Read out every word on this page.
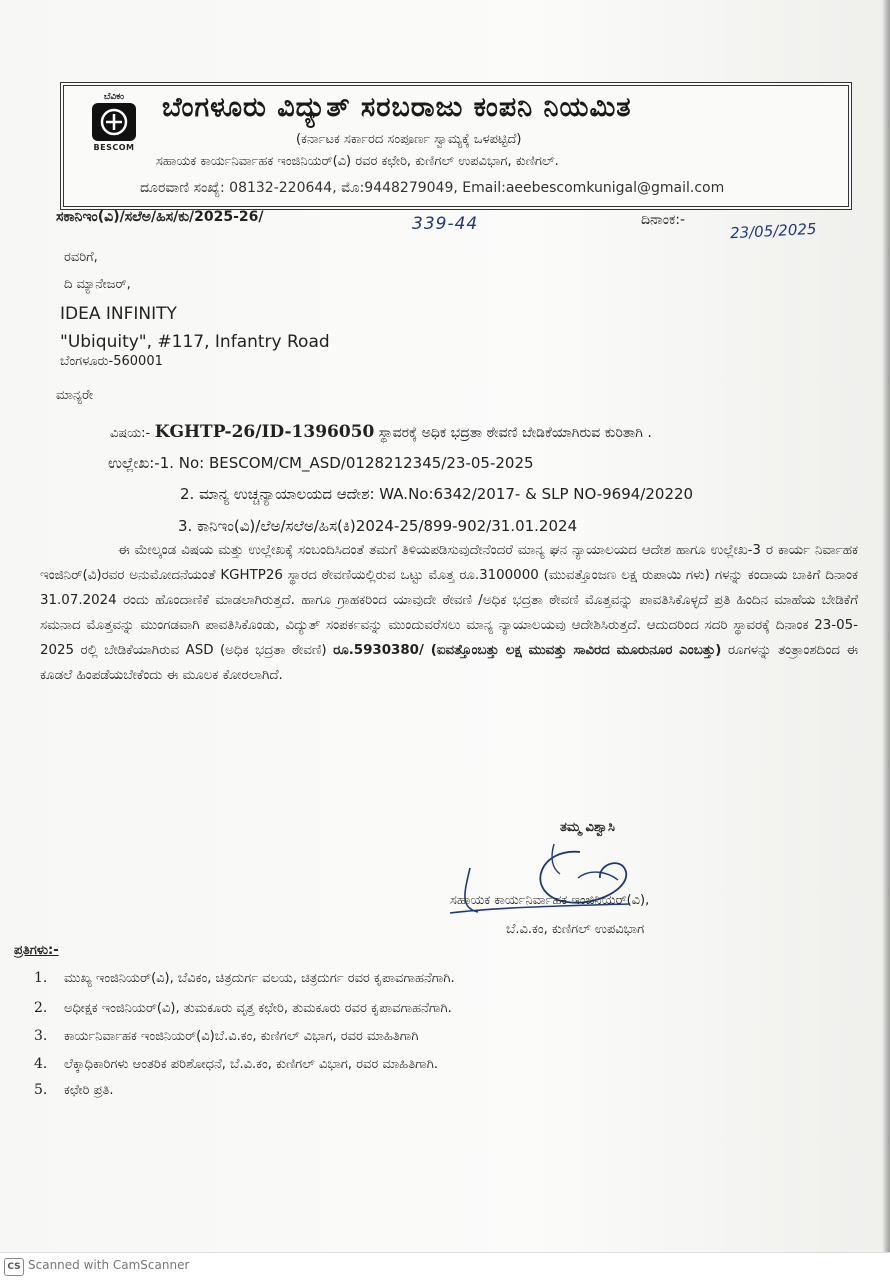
ಬೆವಿಕಂ
BESCOM
ಬೆಂಗಳೂರು ವಿದ್ಯುತ್ ಸರಬರಾಜು ಕಂಪನಿ ನಿಯಮಿತ
(ಕರ್ನಾಟಕ ಸರ್ಕಾರದ ಸಂಪೂರ್ಣ ಸ್ವಾಮ್ಯಕ್ಕೆ ಒಳಪಟ್ಟಿದೆ)
ಸಹಾಯಕ ಕಾರ್ಯನಿರ್ವಾಹಕ ಇಂಜಿನಿಯರ್(ವಿ) ರವರ ಕಛೇರಿ, ಕುಣಿಗಲ್ ಉಪವಿಭಾಗ, ಕುಣಿಗಲ್.
ದೂರವಾಣಿ ಸಂಖ್ಯೆ: 08132-220644, ಮೊ:9448279049, Email:aeebescomkunigal@gmail.com
ಸಕಾನಿಇಂ(ವಿ)/ಸಲೆಅ/ಹಿಸ/ಕು/2025-26/	339-44	ದಿನಾಂಕ:-	23/05/2025
ರವರಿಗೆ,
ದಿ ಮ್ಯಾನೇಜರ್,
IDEA INFINITY
"Ubiquity", #117, Infantry Road
ಬೆಂಗಳೂರು-560001
ಮಾನ್ಯರೇ
ವಿಷಯ:- KGHTP-26/ID-1396050 ಸ್ಥಾವರಕ್ಕೆ ಅಧಿಕ ಭದ್ರತಾ ಠೇವಣಿ ಬೇಡಿಕೆಯಾಗಿರುವ ಕುರಿತಾಗಿ .
ಉಲ್ಲೇಖ:-1. No: BESCOM/CM_ASD/0128212345/23-05-2025
2. ಮಾನ್ಯ ಉಚ್ಚನ್ಯಾಯಾಲಯದ ಆದೇಶ: WA.No:6342/2017- & SLP NO-9694/20220
3. ಕಾನಿಇಂ(ವಿ)/ಲೆಅ/ಸಲೆಅ/ಹಿಸ(ಕಿ)2024-25/899-902/31.01.2024

ಈ ಮೇಲ್ಕಂಡ ವಿಷಯ ಮತ್ತು ಉಲ್ಲೇಖಕ್ಕೆ ಸಂಬಂದಿಸಿದಂತೆ ತಮಗೆ ತಿಳಿಯಪಡಿಸುವುದೇನೆಂದರೆ ಮಾನ್ಯ ಘನ ನ್ಯಾಯಾಲಯದ ಆದೇಶ ಹಾಗೂ ಉಲ್ಲೇಖ-3 ರ ಕಾರ್ಯ ನಿರ್ವಾಹಕ ಇಂಜಿನಿರ್(ವಿ)ರವರ ಅನುಮೋದನೆಯಂತೆ KGHTP26 ಸ್ಥಾರದ ಠೇವಣಿಯಲ್ಲಿರುವ ಒಟ್ಟು ಮೊತ್ತ ರೂ.3100000 (ಮುವತ್ತೊಂಜಣ ಲಕ್ಷ ರುಪಾಯಿ ಗಳು) ಗಳನ್ನು ಕಂದಾಯ ಬಾಕಿಗೆ ದಿನಾಂಕ 31.07.2024 ರಂದು ಹೊಂದಾಣಿಕೆ ಮಾಡಲಾಗಿರುತ್ತದೆ. ಹಾಗೂ ಗ್ರಾಹಕರಿಂದ ಯಾವುದೇ ಠೇವಣಿ /ಅಧಿಕ ಭದ್ರತಾ ಠೇವಣಿ ಮೊತ್ತವನ್ನು ಪಾವತಿಸಿಕೊಳ್ಳದೆ ಪ್ರತಿ ಹಿಂದಿನ ಮಾಹೆಯ ಬೇಡಿಕೆಗೆ ಸಮನಾದ ಮೊತ್ತವನ್ನು ಮುಂಗಡವಾಗಿ ಪಾವತಿಸಿಕೊಂಡು, ವಿದ್ಯುತ್ ಸಂಪರ್ಕವನ್ನು ಮುಂದುವರೆಸಲು ಮಾನ್ಯ ನ್ಯಾಯಾಲಯವು ಆದೇಶಿಸಿರುತ್ತದೆ. ಆದುದರಿಂದ ಸದರಿ ಸ್ಥಾವರಕ್ಕೆ ದಿನಾಂಕ 23-05-2025 ರಲ್ಲಿ ಬೇಡಿಕೆಯಾಗಿರುವ ASD (ಅಧಿಕ ಭದ್ರತಾ ಠೇವಣಿ) ರೂ.5930380/ (ಐವತ್ತೊಂಬತ್ತು ಲಕ್ಷ ಮುವತ್ತು ಸಾವಿರದ ಮೂರುನೂರ ಎಂಬತ್ತು) ರೂಗಳನ್ನು ತಂತ್ರಾಂಶದಿಂದ ಈ ಕೂಡಲೆ ಹಿಂಪಡೆಯಬೇಕೆಂದು ಈ ಮೂಲಕ ಕೋರಲಾಗಿದೆ.

ತಮ್ಮ ವಿಶ್ವಾಸಿ
ಸಹಾಯಕ ಕಾರ್ಯನಿರ್ವಾಹಕ ಇಂಜಿನಿಯರ್(ವಿ),
ಬೆ.ವಿ.ಕಂ, ಕುಣಿಗಲ್ ಉಪವಿಭಾಗ
ಪ್ರತಿಗಳು:-
1. ಮುಖ್ಯ ಇಂಜಿನಿಯರ್(ವಿ), ಬೆವಿಕಂ, ಚಿತ್ರದುರ್ಗ ವಲಯ, ಚಿತ್ರದುರ್ಗ ರವರ ಕೃಪಾವಗಾಹನೆಗಾಗಿ.
2. ಅಧೀಕ್ಷಕ ಇಂಜಿನಿಯರ್(ವಿ), ತುಮಕೂರು ವೃತ್ತ ಕಛೇರಿ, ತುಮಕೂರು ರವರ ಕೃಪಾವಗಾಹನೆಗಾಗಿ.
3. ಕಾರ್ಯನಿರ್ವಾಹಕ ಇಂಜಿನಿಯರ್(ವಿ)ಬೆ.ವಿ.ಕಂ, ಕುಣಿಗಲ್ ವಿಭಾಗ, ರವರ ಮಾಹಿತಿಗಾಗಿ
4. ಲೆಕ್ಕಾಧಿಕಾರಿಗಳು ಆಂತರಿಕ ಪರಿಶೋಧನೆ, ಬೆ.ವಿ.ಕಂ, ಕುಣಿಗಲ್ ವಿಭಾಗ, ರವರ ಮಾಹಿತಿಗಾಗಿ.
5. ಕಛೇರಿ ಪ್ರತಿ.
CS Scanned with CamScanner
